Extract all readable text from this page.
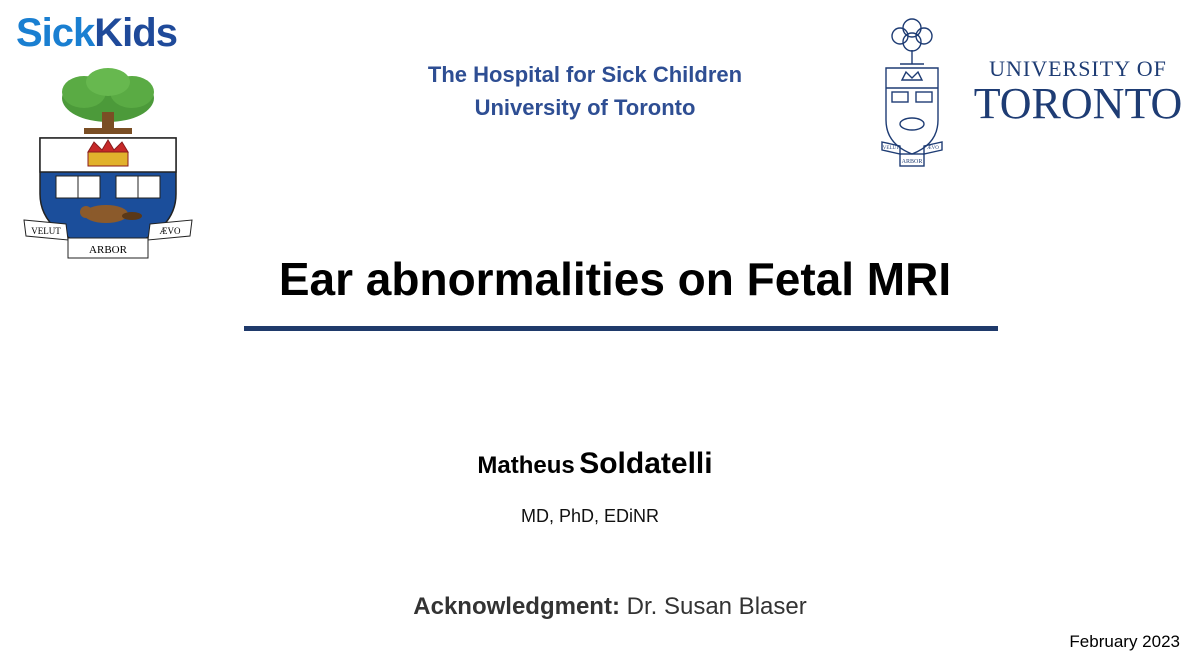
SickKids
VELUT
ARBOR
ÆVO
The Hospital for Sick Children
University of Toronto
VELUT	ÆVO
ARBOR
UNIVERSITY OF
TORONTO
Ear abnormalities on Fetal MRI
Matheus Soldatelli
MD, PhD, EDiNR
Acknowledgment: Dr. Susan Blaser
February 2023
